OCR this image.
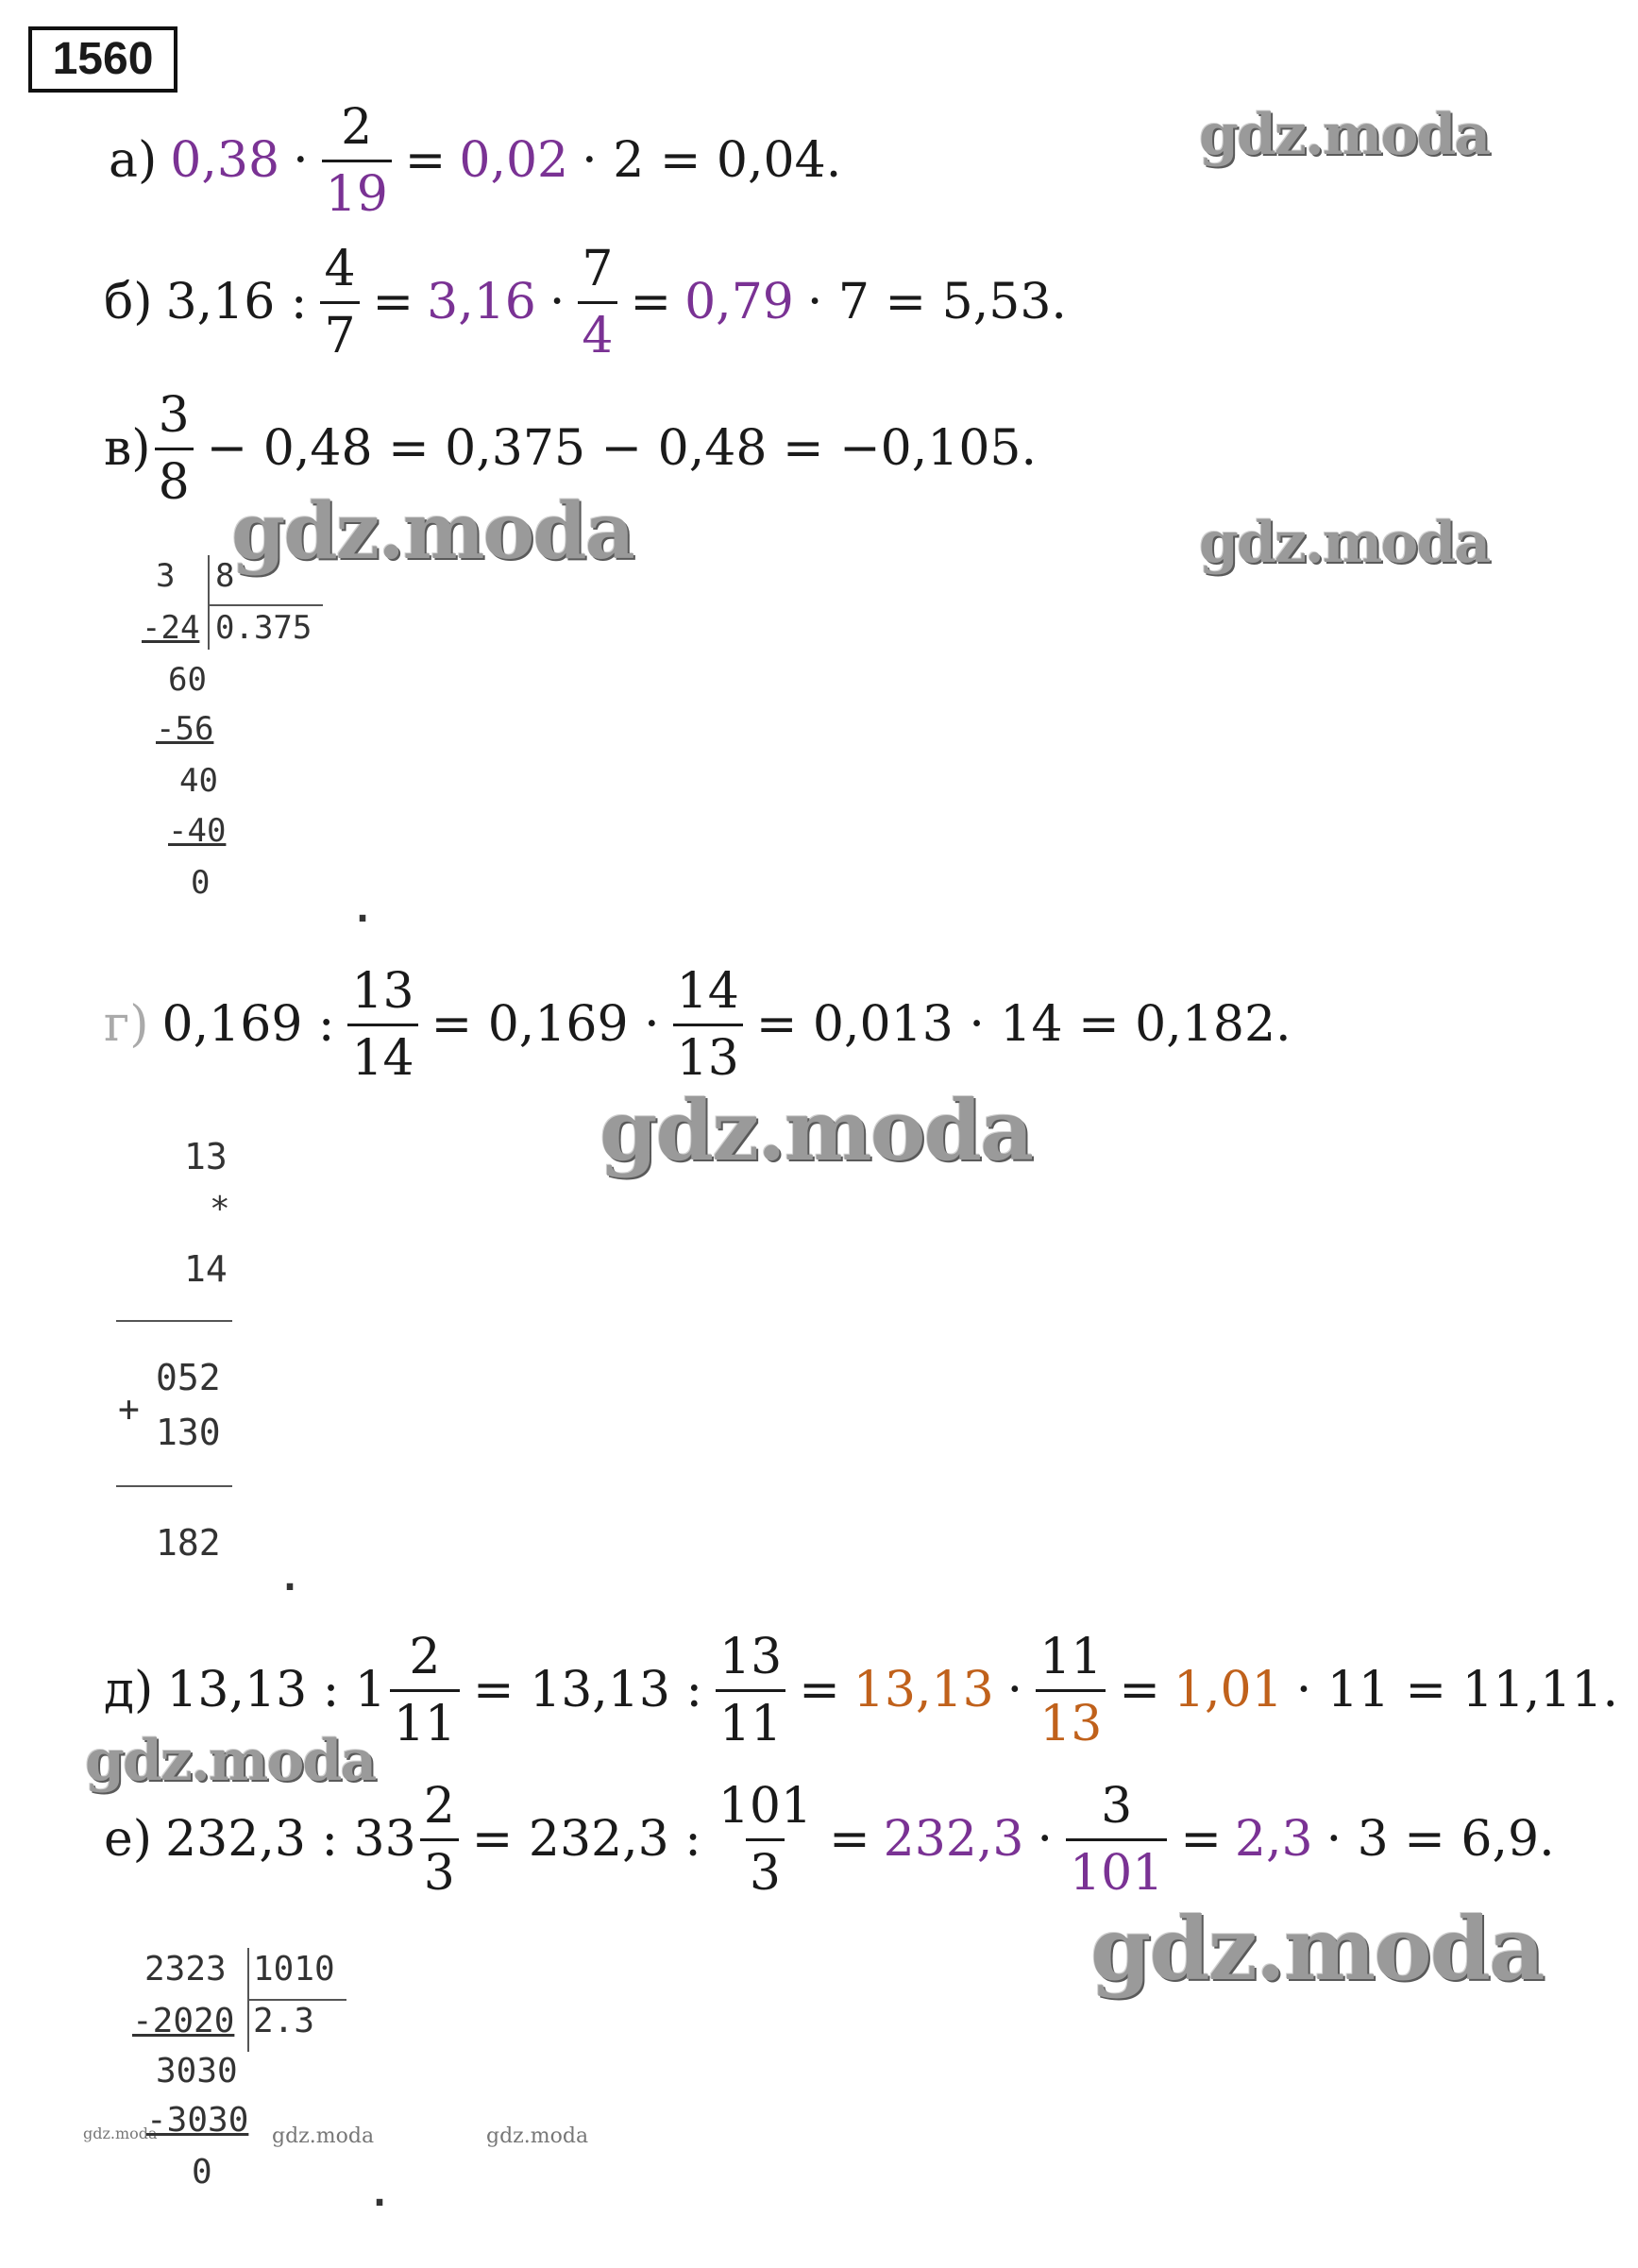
1560
gdz.moda
gdz.moda
gdz.moda
gdz.moda
gdz.moda
gdz.moda
gdz.moda	gdz.moda	gdz.moda
а) $0,38 \cdot \frac{2}{19} = 0,02 \cdot 2 = 0,04$.
б) 3,16 : $\frac{4}{7} = 3,16 \cdot \frac{7}{4} = 0,79 \cdot 7 = 5,53$.
$в) \frac{3}{8} - 0,48 = 0,375 - 0,48 = -0,105$.
3 8
-24 0.375
60
-56
40
-40
0
.
г) 0,169 : $\frac{13}{14} = 0,169 \cdot \frac{14}{13} = 0,013 \cdot 14 = 0,182$.
13
*
14
052
+
130
182
.
д) 13,13 : $1 \frac{2}{11} = 13,13$ : $\frac{13}{11} = 13,13 \cdot \frac{11}{13} = 1,01 \cdot 11 = 11,11$.
е) 232,3 : $33 \frac{2}{3} = 232,3$ : $\frac{101}{3} = 232,3 \cdot \frac{3}{101} = 2,3 \cdot 3 = 6,9$.
2323 1010
-2020 2.3
3030
-3030
0	.
